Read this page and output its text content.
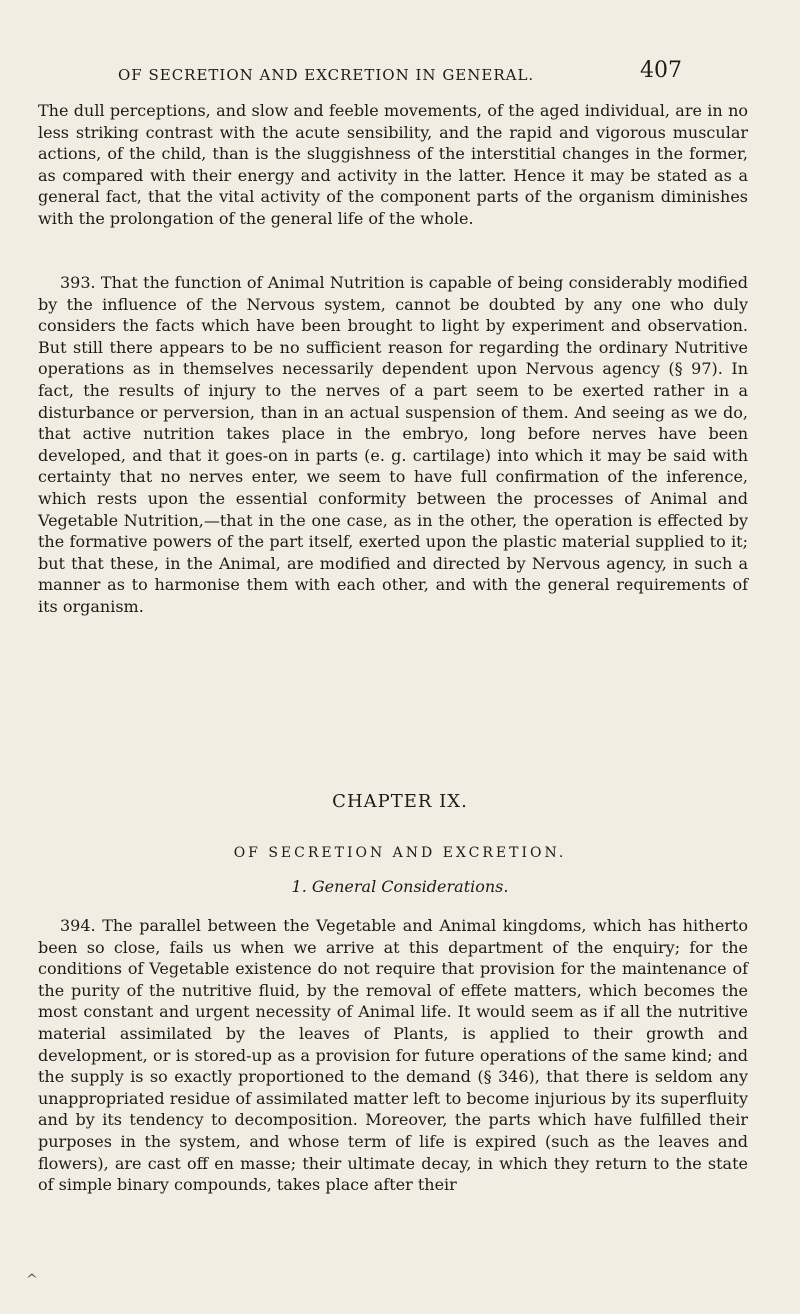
OF SECRETION AND EXCRETION IN GENERAL.	407

The dull perceptions, and slow and feeble movements, of the aged individual, are in no less striking contrast with the acute sensibility, and the rapid and vigorous muscular actions, of the child, than is the sluggishness of the interstitial changes in the former, as compared with their energy and activity in the latter. Hence it may be stated as a general fact, that the vital activity of the component parts of the organism diminishes with the prolongation of the general life of the whole.

393. That the function of Animal Nutrition is capable of being considerably modified by the influence of the Nervous system, cannot be doubted by any one who duly considers the facts which have been brought to light by experiment and observation. But still there appears to be no sufficient reason for regarding the ordinary Nutritive operations as in themselves necessarily dependent upon Nervous agency (§ 97). In fact, the results of injury to the nerves of a part seem to be exerted rather in a disturbance or perversion, than in an actual suspension of them. And seeing as we do, that active nutrition takes place in the embryo, long before nerves have been developed, and that it goes-on in parts (e. g. cartilage) into which it may be said with certainty that no nerves enter, we seem to have full confirmation of the inference, which rests upon the essential conformity between the processes of Animal and Vegetable Nutrition,—that in the one case, as in the other, the operation is effected by the formative powers of the part itself, exerted upon the plastic material supplied to it; but that these, in the Animal, are modified and directed by Nervous agency, in such a manner as to harmonise them with each other, and with the general requirements of its organism.

CHAPTER IX.
OF SECRETION AND EXCRETION.
1. General Considerations.

394. The parallel between the Vegetable and Animal kingdoms, which has hitherto been so close, fails us when we arrive at this department of the enquiry; for the conditions of Vegetable existence do not require that provision for the maintenance of the purity of the nutritive fluid, by the removal of effete matters, which becomes the most constant and urgent necessity of Animal life. It would seem as if all the nutritive material assimilated by the leaves of Plants, is applied to their growth and development, or is stored-up as a provision for future operations of the same kind; and the supply is so exactly proportioned to the demand (§ 346), that there is seldom any unappropriated residue of assimilated matter left to become injurious by its superfluity and by its tendency to decomposition. Moreover, the parts which have fulfilled their purposes in the system, and whose term of life is expired (such as the leaves and flowers), are cast off en masse; their ultimate decay, in which they return to the state of simple binary compounds, takes place after their

^
